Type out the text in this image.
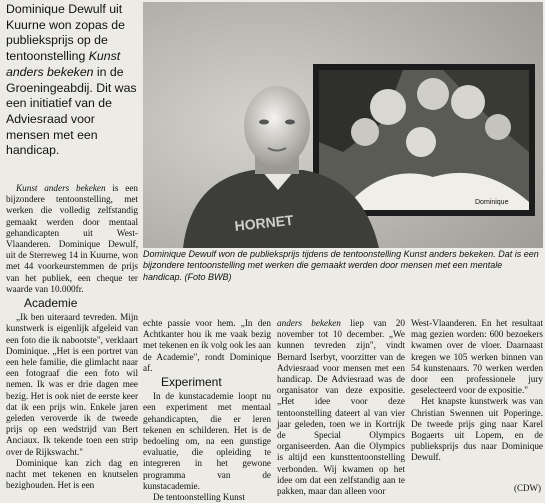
Dominique Dewulf uit Kuurne won zopas de publieksprijs op de tentoonstelling Kunst anders bekeken in de Groeningeabdij. Dit was een initiatief van de Adviesraad voor mensen met een handicap.

Dominique
HORNET

Dominique Dewulf won de publieksprijs tijdens de tentoonstelling Kunst anders bekeken. Dat is een bijzondere tentoonstelling met werken die gemaakt werden door mensen met een mentale handicap. (Foto BWB)

Kunst anders bekeken is een bijzondere tentoonstelling, met werken die volledig zelfstandig gemaakt werden door mentaal gehandicapten uit West-Vlaanderen. Dominique Dewulf, uit de Sterreweg 14 in Kuurne, won met 44 voorkeurstemmen de prijs van het publiek, een cheque ter waarde van 10.000fr.

Academie

„Ik ben uiteraard tevreden. Mijn kunstwerk is eigenlijk afgeleid van een foto die ik nabootste", verklaart Dominique. „Het is een portret van een hele familie, die glimlacht naar een fotograaf die een foto wil nemen. Ik was er drie dagen mee bezig. Het is ook niet de eerste keer dat ik een prijs win. Enkele jaren geleden veroverde ik de tweede prijs op een wedstrijd van Bert Anciaux. Ik tekende toen een strip over de Rijkswacht."

Dominique kan zich dag en nacht met tekenen en knutselen bezighouden. Het is een

echte passie voor hem. „In den Achtkanter hou ik me vaak bezig met tekenen en ik volg ook les aan de Academie", rondt Dominique af.

Experiment

In de kunstacademie loopt nu een experiment met mentaal gehandicapten, die er leren tekenen en schilderen. Het is de bedoeling om, na een gunstige evaluatie, die opleiding te integreren in het gewone programma van de kunstacademie.

De tentoonstelling Kunst

anders bekeken liep van 20 november tot 10 december. „We kunnen tevreden zijn", vindt Bernard Iserbyt, voorzitter van de Adviesraad voor mensen met een handicap. De Adviesraad was de organisator van deze expositie. „Het idee voor deze tentoonstelling dateert al van vier jaar geleden, toen we in Kortrijk de Special Olympics organiseerden. Aan die Olympics is altijd een kunsttentoonstelling verbonden. Wij kwamen op het idee om dat een zelfstandig aan te pakken, maar dan alleen voor

West-Vlaanderen. En het resultaat mag gezien worden: 600 bezoekers kwamen over de vloer. Daarnaast kregen we 105 werken binnen van 54 kunstenaars. 70 werken werden door een professionele jury geselecteerd voor de expositie."

Het knapste kunstwerk was van Christian Swennen uit Poperinge. De tweede prijs ging naar Karel Bogaerts uit Lopem, en de publieksprijs dus naar Dominique Dewulf.

(CDW)
